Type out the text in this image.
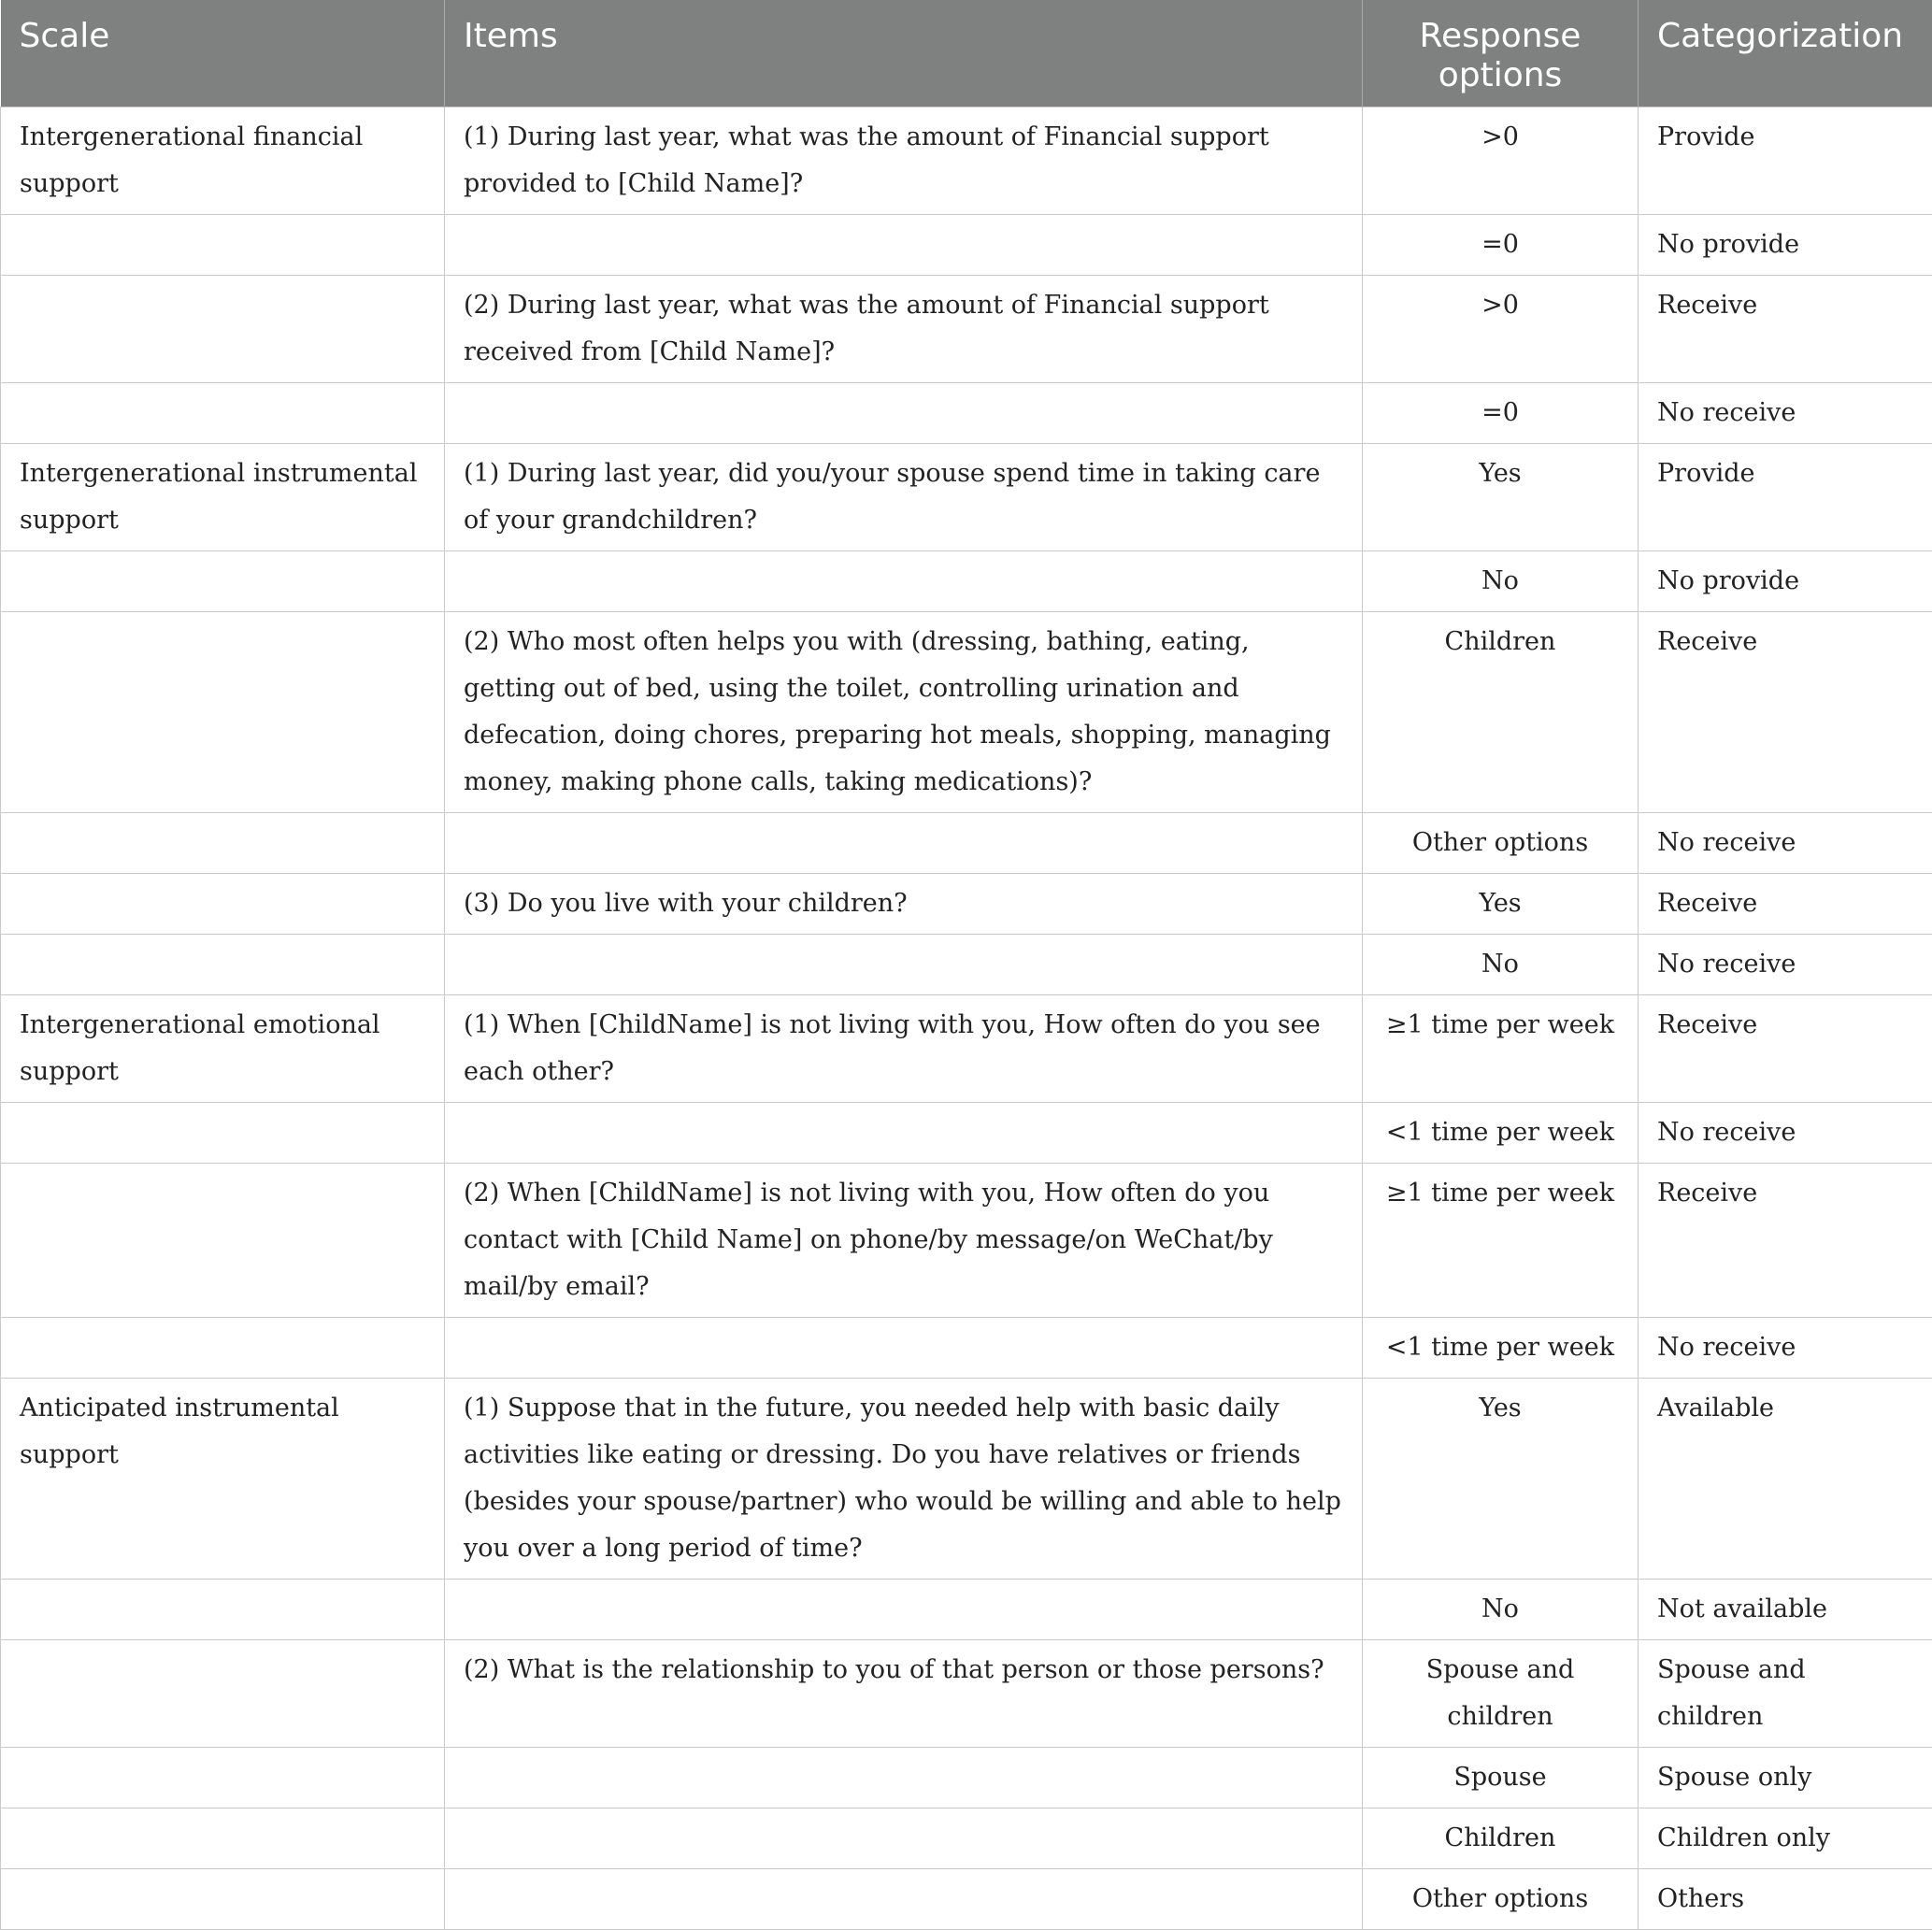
Scale	Items	Response options	Categorization
Intergenerational financial support	(1) During last year, what was the amount of Financial support provided to [Child Name]?	>0	Provide
		=0	No provide
	(2) During last year, what was the amount of Financial support received from [Child Name]?	>0	Receive
		=0	No receive
Intergenerational instrumental support	(1) During last year, did you/your spouse spend time in taking care of your grandchildren?	Yes	Provide
		No	No provide
	(2) Who most often helps you with (dressing, bathing, eating, getting out of bed, using the toilet, controlling urination and defecation, doing chores, preparing hot meals, shopping, managing money, making phone calls, taking medications)?	Children	Receive
		Other options	No receive
	(3) Do you live with your children?	Yes	Receive
		No	No receive
Intergenerational emotional support	(1) When [ChildName] is not living with you, How often do you see each other?	≥1 time per week	Receive
		<1 time per week	No receive
	(2) When [ChildName] is not living with you, How often do you contact with [Child Name] on phone/by message/on WeChat/by mail/by email?	≥1 time per week	Receive
		<1 time per week	No receive
Anticipated instrumental support	(1) Suppose that in the future, you needed help with basic daily activities like eating or dressing. Do you have relatives or friends (besides your spouse/partner) who would be willing and able to help you over a long period of time?	Yes	Available
		No	Not available
	(2) What is the relationship to you of that person or those persons?	Spouse and children	Spouse and children
		Spouse	Spouse only
		Children	Children only
		Other options	Others
